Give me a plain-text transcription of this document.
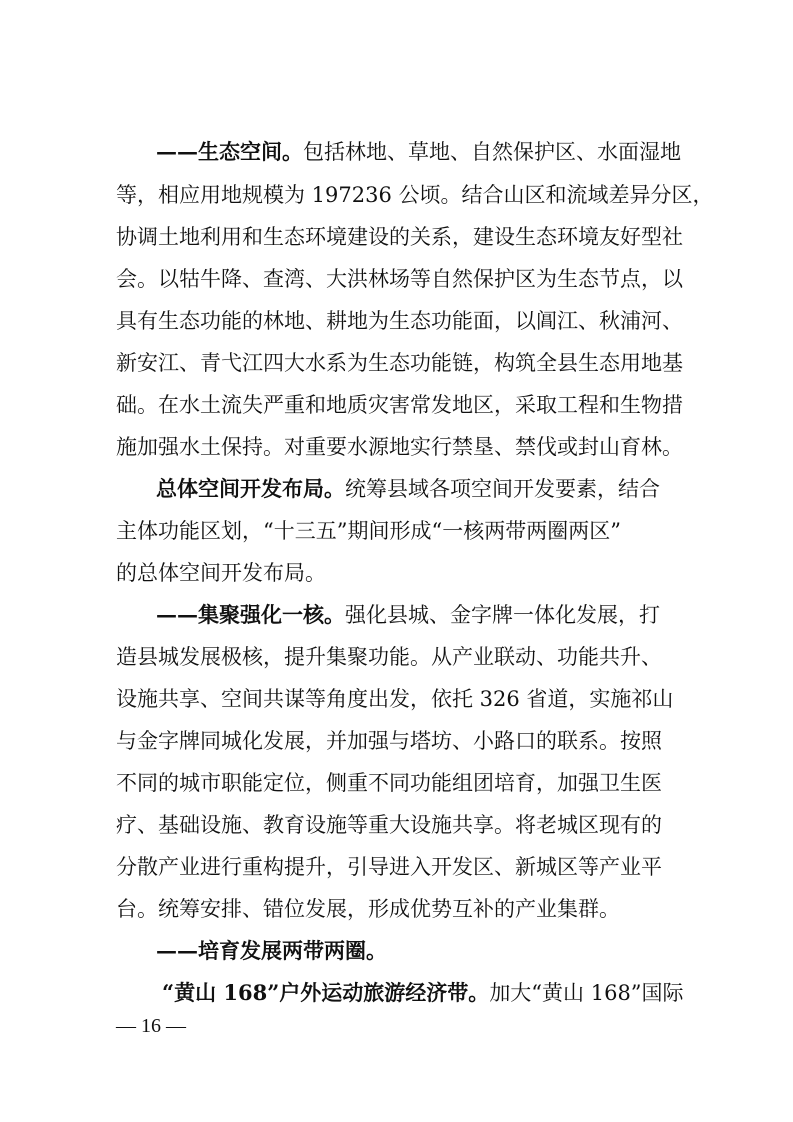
——生态空间。包括林地、草地、自然保护区、水面湿地
等，相应用地规模为 197236 公顷。结合山区和流域差异分区，
协调土地利用和生态环境建设的关系，建设生态环境友好型社
会。以牯牛降、查湾、大洪林场等自然保护区为生态节点，以
具有生态功能的林地、耕地为生态功能面，以阊江、秋浦河、
新安江、青弋江四大水系为生态功能链，构筑全县生态用地基
础。在水土流失严重和地质灾害常发地区，采取工程和生物措
施加强水土保持。对重要水源地实行禁垦、禁伐或封山育林。
总体空间开发布局。统筹县域各项空间开发要素，结合
主体功能区划，“十三五”期间形成“一核两带两圈两区”
的总体空间开发布局。
——集聚强化一核。强化县城、金字牌一体化发展，打
造县城发展极核，提升集聚功能。从产业联动、功能共升、
设施共享、空间共谋等角度出发，依托 326 省道，实施祁山
与金字牌同城化发展，并加强与塔坊、小路口的联系。按照
不同的城市职能定位，侧重不同功能组团培育，加强卫生医
疗、基础设施、教育设施等重大设施共享。将老城区现有的
分散产业进行重构提升，引导进入开发区、新城区等产业平
台。统筹安排、错位发展，形成优势互补的产业集群。
——培育发展两带两圈。
“黄山 168”户外运动旅游经济带。加大“黄山 168”国际
— 16 —
